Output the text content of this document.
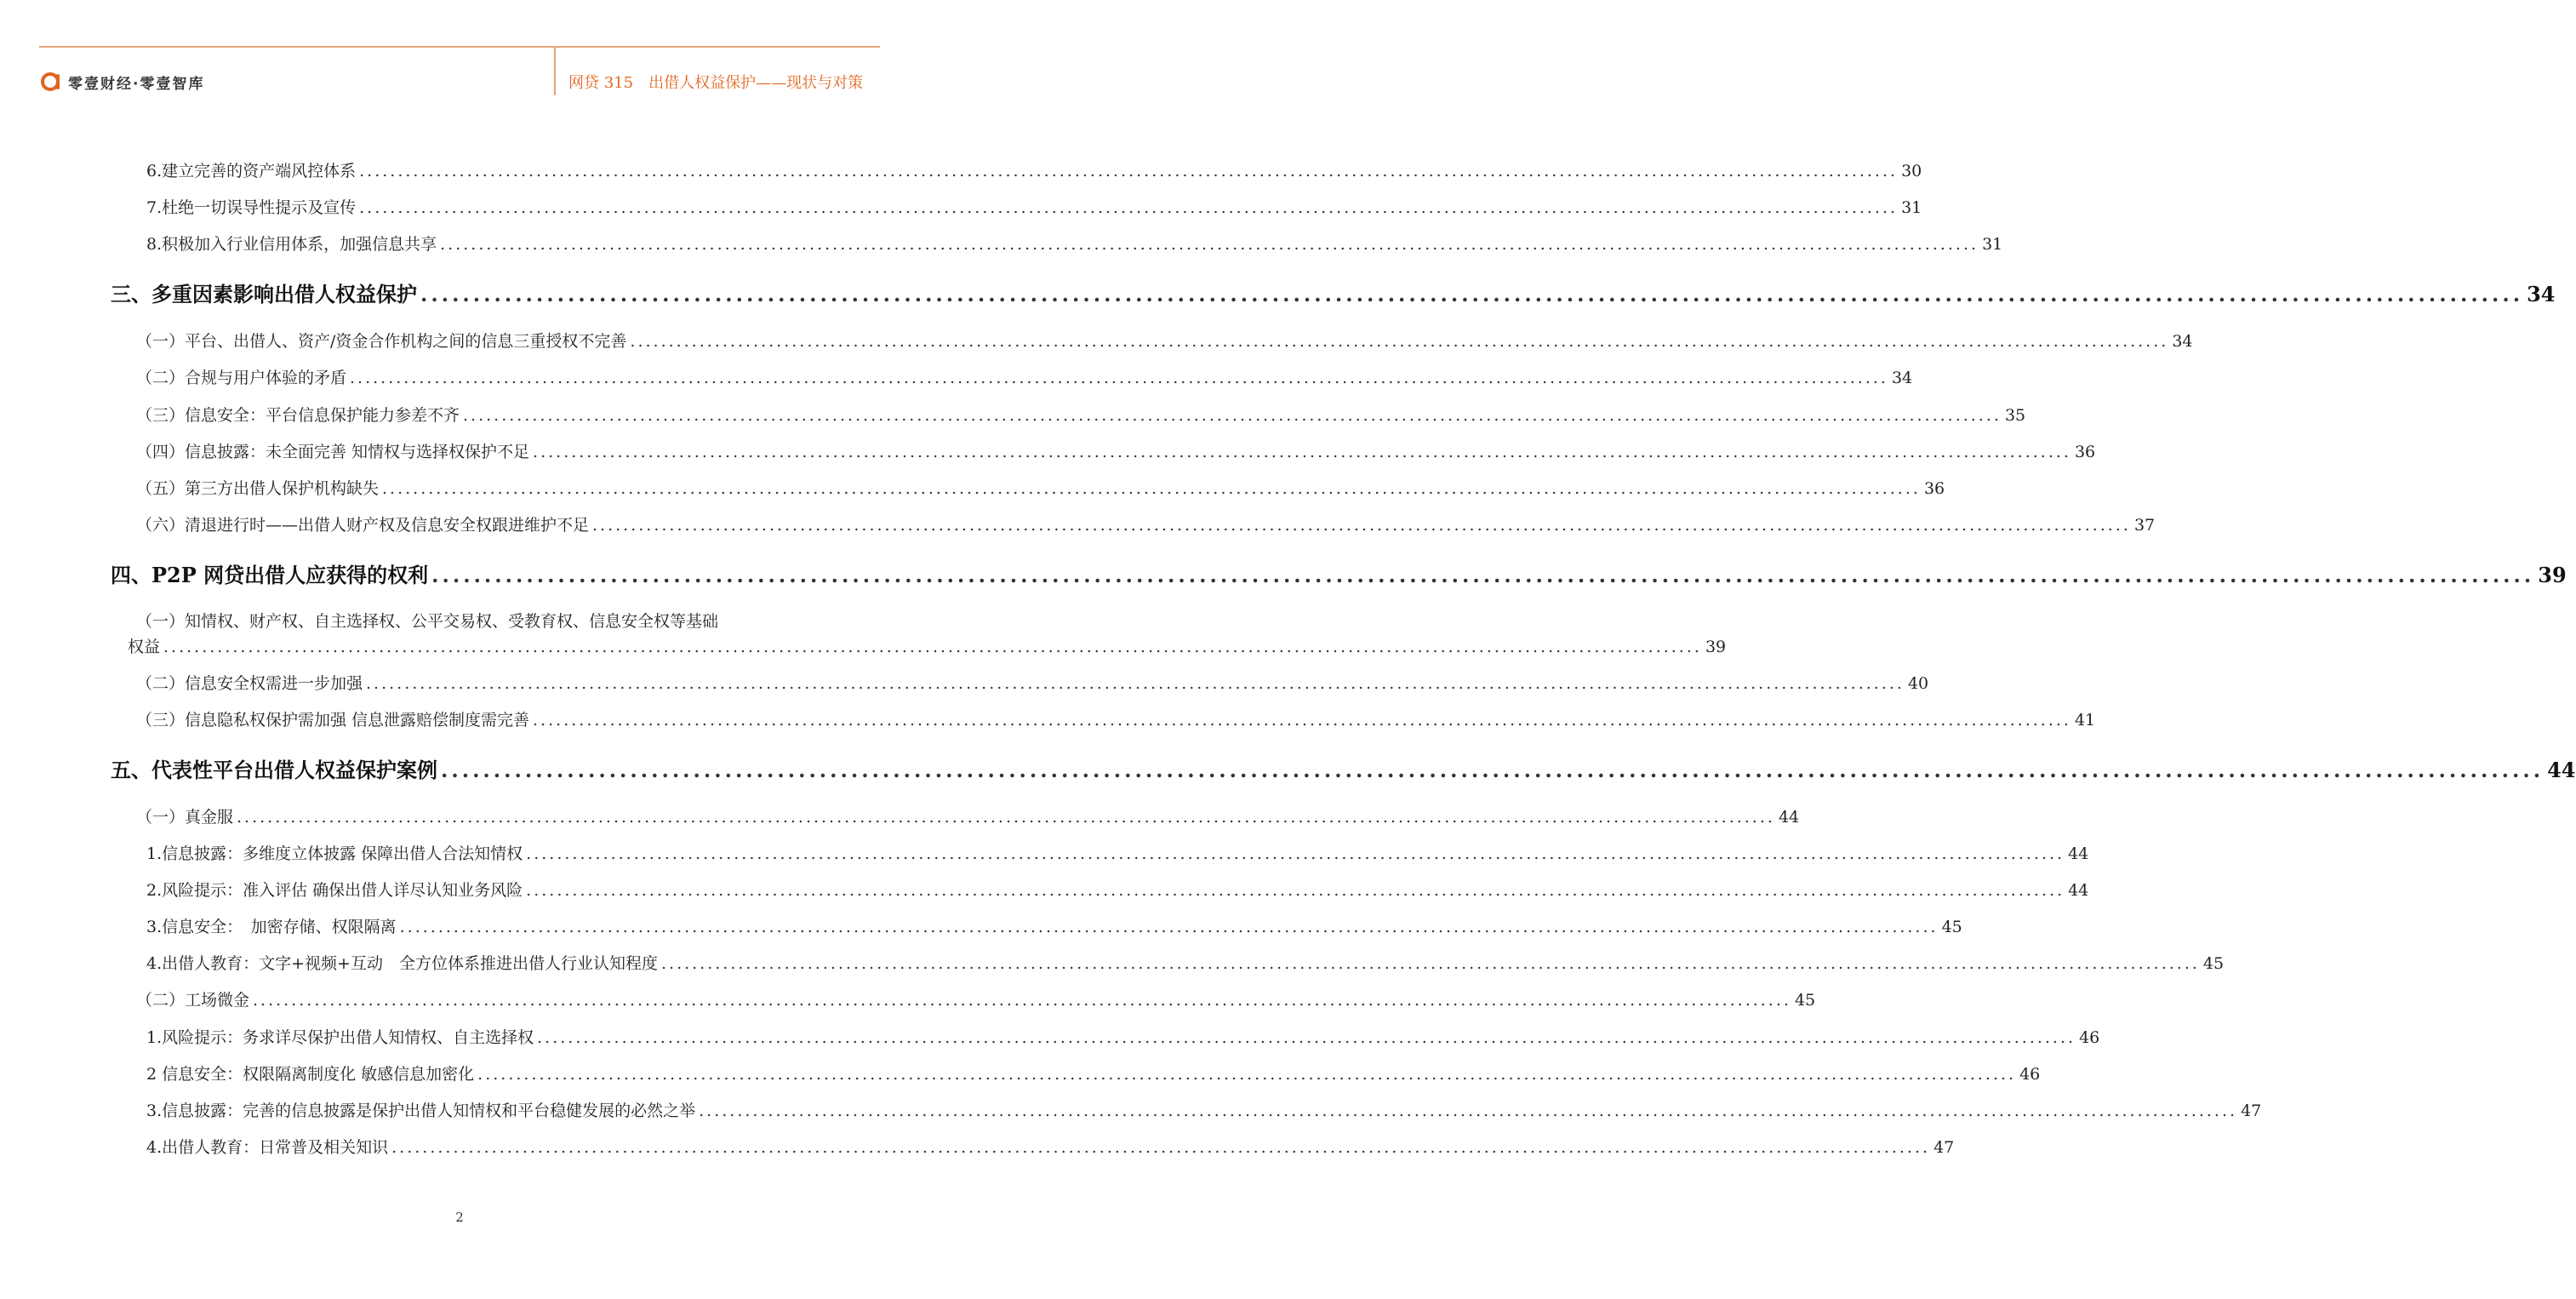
零壹财经·零壹智库	网贷 315　出借人权益保护——现状与对策
6.建立完善的资产端风控体系 ........................................................................................................................................................................................................ 30
7.杜绝一切误导性提示及宣传 ........................................................................................................................................................................................................ 31
8.积极加入行业信用体系，加强信息共享 ........................................................................................................................................................................................................ 31
三、多重因素影响出借人权益保护 ........................................................................................................................................................................................................ 34
（一）平台、出借人、资产/资金合作机构之间的信息三重授权不完善 ........................................................................................................................................................................................................ 34
（二）合规与用户体验的矛盾 ........................................................................................................................................................................................................ 34
（三）信息安全：平台信息保护能力参差不齐 ........................................................................................................................................................................................................ 35
（四）信息披露：未全面完善 知情权与选择权保护不足 ........................................................................................................................................................................................................ 36
（五）第三方出借人保护机构缺失 ........................................................................................................................................................................................................ 36
（六）清退进行时——出借人财产权及信息安全权跟进维护不足 ........................................................................................................................................................................................................ 37
四、P2P 网贷出借人应获得的权利 ........................................................................................................................................................................................................ 39
（一）知情权、财产权、自主选择权、公平交易权、受教育权、信息安全权等基础
权益 ........................................................................................................................................................................................................ 39
（二）信息安全权需进一步加强 ........................................................................................................................................................................................................ 40
（三）信息隐私权保护需加强 信息泄露赔偿制度需完善 ........................................................................................................................................................................................................ 41
五、代表性平台出借人权益保护案例 ........................................................................................................................................................................................................ 44
（一）真金服 ........................................................................................................................................................................................................ 44
1.信息披露：多维度立体披露 保障出借人合法知情权 ........................................................................................................................................................................................................ 44
2.风险提示：准入评估 确保出借人详尽认知业务风险 ........................................................................................................................................................................................................ 44
3.信息安全：　加密存储、权限隔离 ........................................................................................................................................................................................................ 45
4.出借人教育：文字+视频+互动　全方位体系推进出借人行业认知程度 ........................................................................................................................................................................................................ 45
（二）工场微金 ........................................................................................................................................................................................................ 45
1.风险提示：务求详尽保护出借人知情权、自主选择权 ........................................................................................................................................................................................................ 46
2 信息安全：权限隔离制度化 敏感信息加密化 ........................................................................................................................................................................................................ 46
3.信息披露：完善的信息披露是保护出借人知情权和平台稳健发展的必然之举 ........................................................................................................................................................................................................ 47
4.出借人教育：日常普及相关知识 ........................................................................................................................................................................................................ 47
2
